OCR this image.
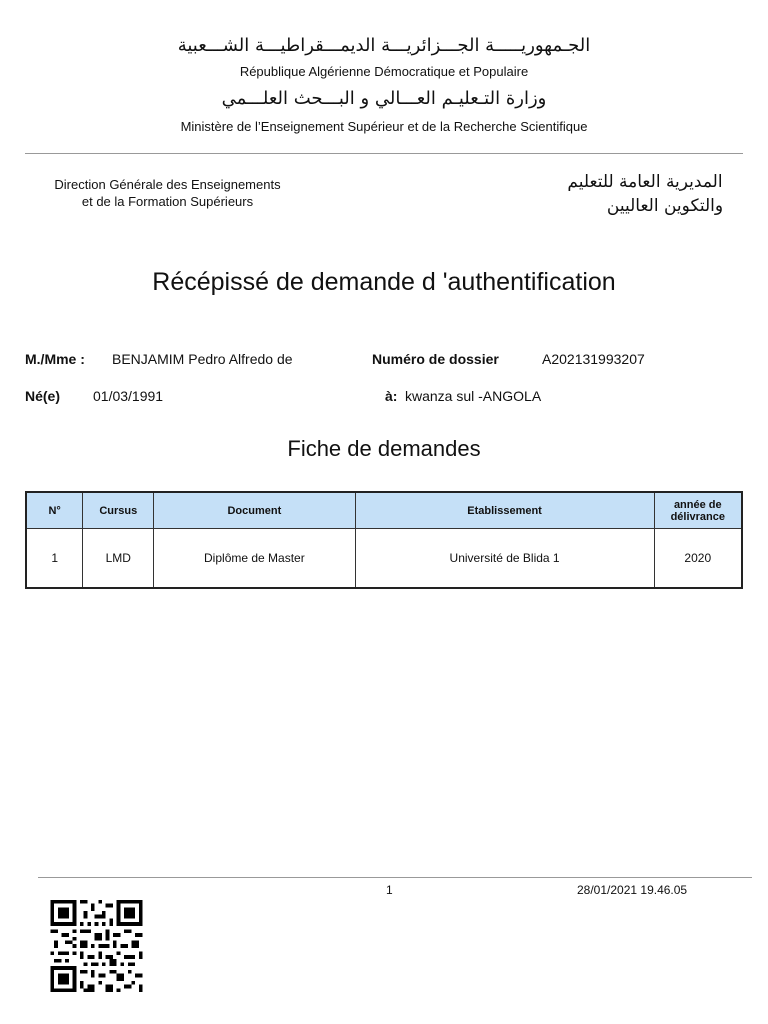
الجـمهوريـــــة الجـــزائريـــة الديمـــقراطيـــة الشـــعبية
République Algérienne Démocratique et Populaire
وزارة التـعليـم العـــالي و البـــحث العلـــمي
Ministère de l’Enseignement Supérieur et de la Recherche Scientifique
Direction Générale des Enseignements
et de la Formation Supérieurs
المديرية العامة للتعليم
والتكوين العاليين
Récépissé de demande d 'authentification
M./Mme : BENJAMIM Pedro Alfredo de	Numéro de dossier	A202131993207
Né(e) 01/03/1991	à: kwanza sul -ANGOLA
Fiche de demandes
N°	Cursus	Document	Etablissement	année de délivrance
1	LMD	Diplôme de Master	Université de Blida 1	2020
1	28/01/2021 19.46.05
